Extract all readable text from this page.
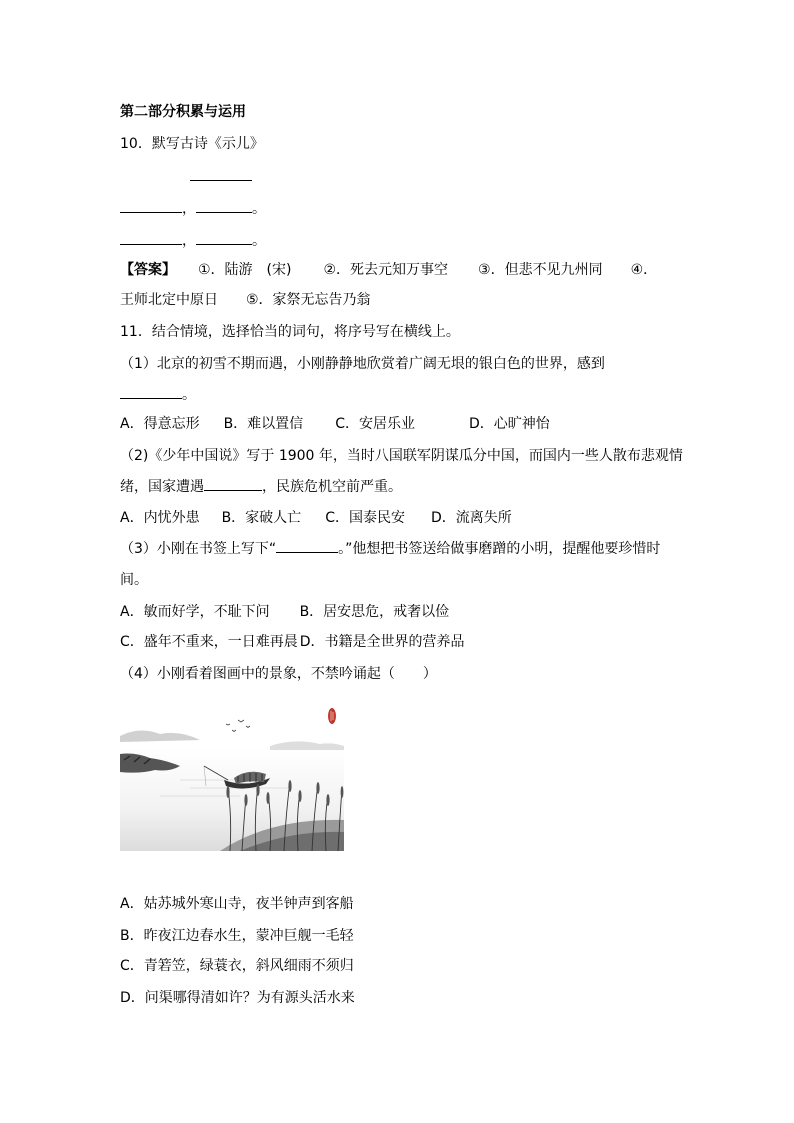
第二部分积累与运用
10．默写古诗《示儿》
，	。
，	。
【答案】 ①．陆游　(宋) ②．死去元知万事空 ③．但悲不见九州同 ④．
王师北定中原日 ⑤．家祭无忘告乃翁
11．结合情境，选择恰当的词句，将序号写在横线上。
（1）北京的初雪不期而遇，小刚静静地欣赏着广阔无垠的银白色的世界，感到
。
A．得意忘形 B．难以置信 C．安居乐业	D．心旷神怡
（2)《少年中国说》写于 1900 年，当时八国联军阴谋瓜分中国，而国内一些人散布悲观情
绪，国家遭遇	，民族危机空前严重。
A．内忧外患 B．家破人亡 C．国泰民安 D．流离失所
（3）小刚在书签上写下“	。”他想把书签送给做事磨蹭的小明，提醒他要珍惜时
间。
A．敏而好学，不耻下问 B．居安思危，戒奢以俭
C．盛年不重来，一日难再晨 D．书籍是全世界的营养品
（4）小刚看着图画中的景象，不禁吟诵起（　　）
A．姑苏城外寒山寺，夜半钟声到客船
B．昨夜江边春水生，蒙冲巨舰一毛轻
C．青箬笠，绿蓑衣，斜风细雨不须归
D．问渠哪得清如许？为有源头活水来
